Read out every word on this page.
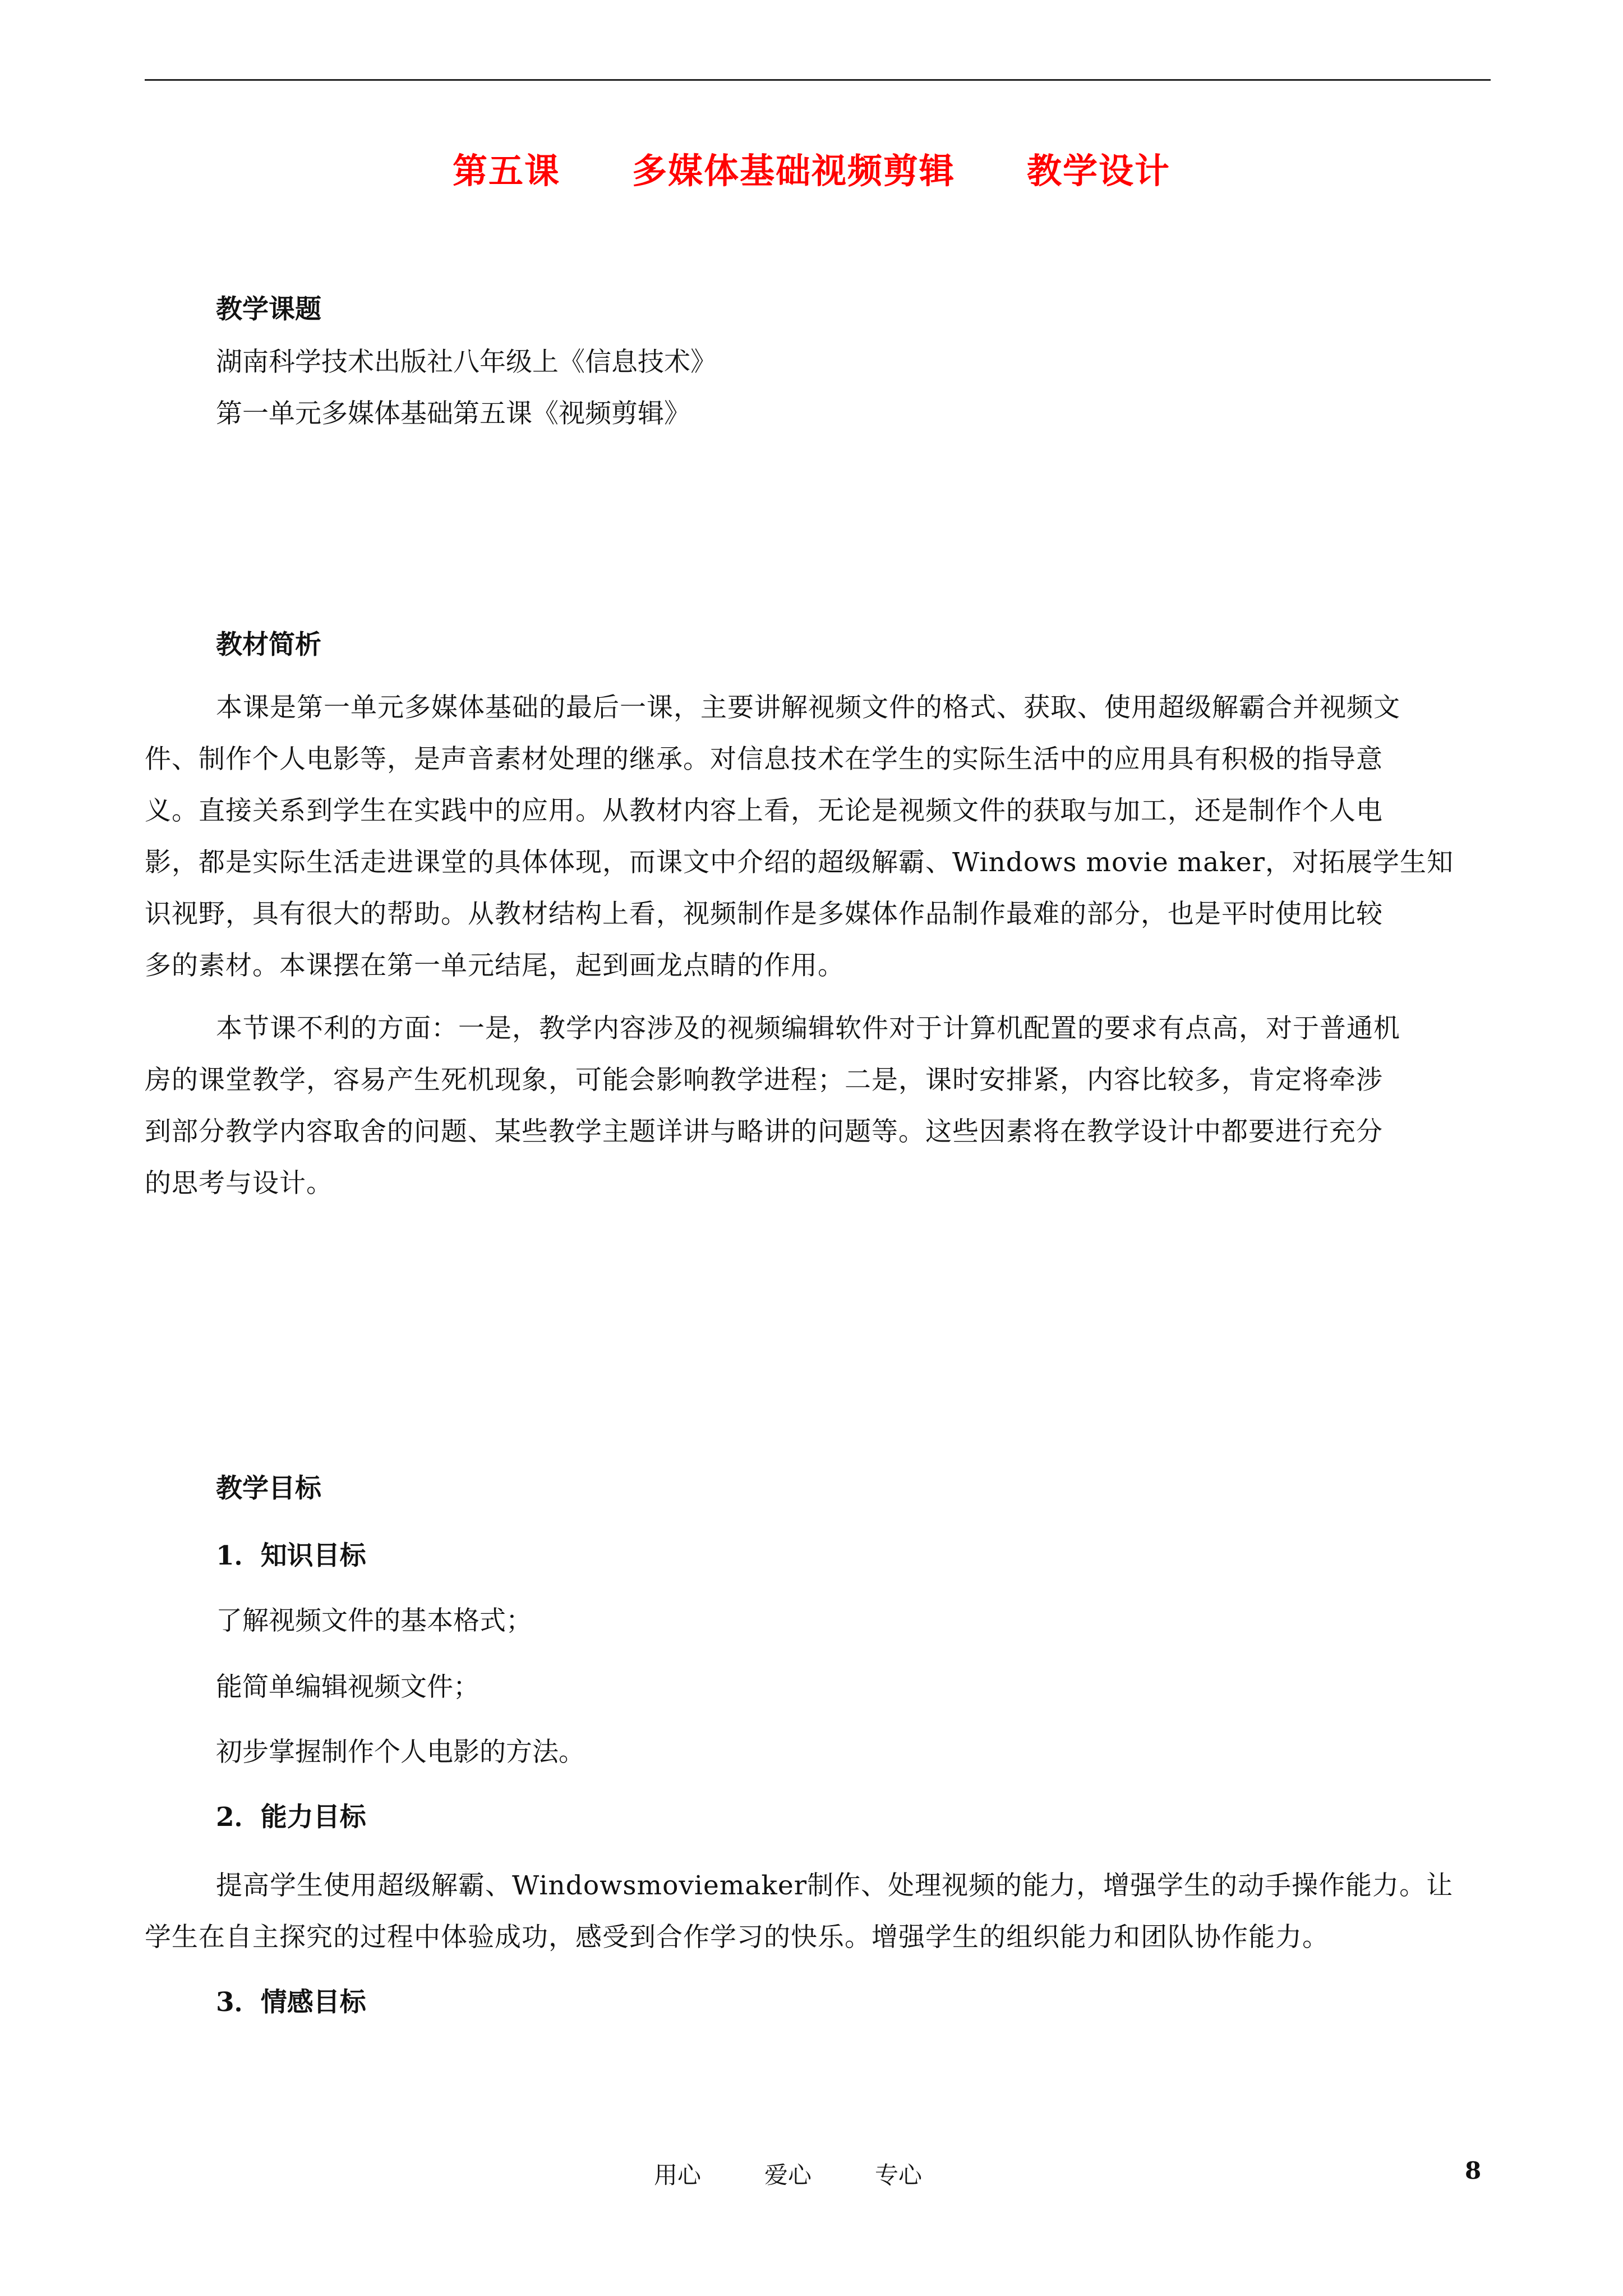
第五课　　多媒体基础视频剪辑　　教学设计
教学课题
湖南科学技术出版社八年级上《信息技术》
第一单元多媒体基础第五课《视频剪辑》
教材简析
本课是第一单元多媒体基础的最后一课，主要讲解视频文件的格式、获取、使用超级解霸合并视频文
件、制作个人电影等，是声音素材处理的继承。对信息技术在学生的实际生活中的应用具有积极的指导意
义。直接关系到学生在实践中的应用。从教材内容上看，无论是视频文件的获取与加工，还是制作个人电
影，都是实际生活走进课堂的具体体现，而课文中介绍的超级解霸、Windows movie maker，对拓展学生知
识视野，具有很大的帮助。从教材结构上看，视频制作是多媒体作品制作最难的部分，也是平时使用比较
多的素材。本课摆在第一单元结尾，起到画龙点睛的作用。
本节课不利的方面：一是，教学内容涉及的视频编辑软件对于计算机配置的要求有点高，对于普通机
房的课堂教学，容易产生死机现象，可能会影响教学进程；二是，课时安排紧，内容比较多，肯定将牵涉
到部分教学内容取舍的问题、某些教学主题详讲与略讲的问题等。这些因素将在教学设计中都要进行充分
的思考与设计。
教学目标
1．知识目标
了解视频文件的基本格式；
能简单编辑视频文件；
初步掌握制作个人电影的方法。
2．能力目标
提高学生使用超级解霸、Windowsmoviemaker制作、处理视频的能力，增强学生的动手操作能力。让
学生在自主探究的过程中体验成功，感受到合作学习的快乐。增强学生的组织能力和团队协作能力。
3．情感目标
用心	爱心	专心	8
